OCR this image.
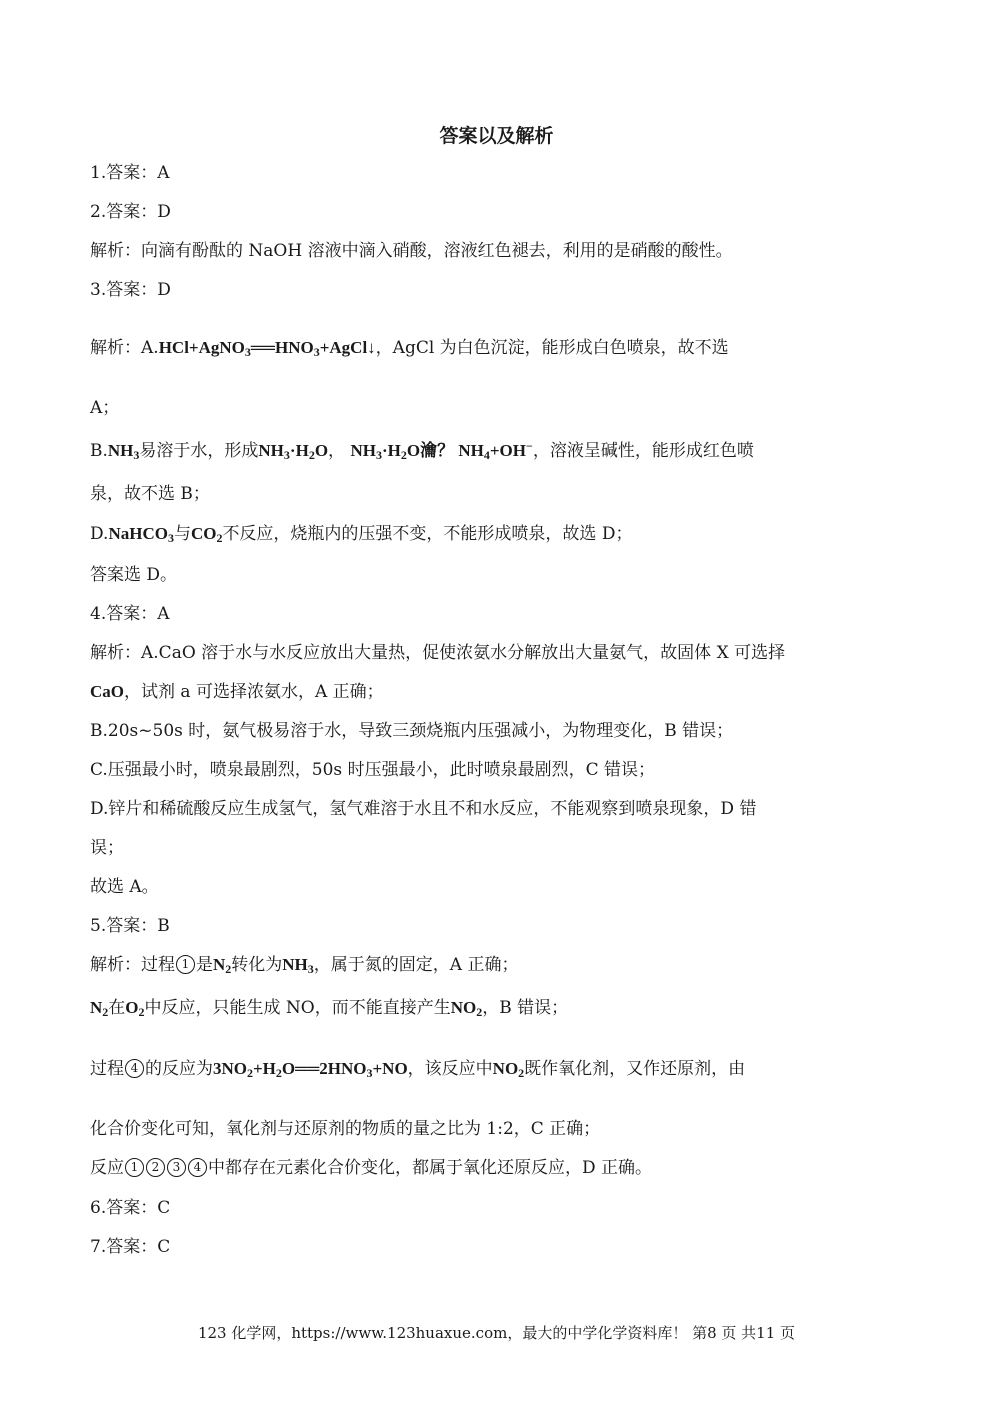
答案以及解析
1.答案：A
2.答案：D
解析：向滴有酚酞的 NaOH 溶液中滴入硝酸，溶液红色褪去，利用的是硝酸的酸性。
3.答案：D
解析：$A.HCl+AgNO_3══HNO_3+AgCl↓$，AgCl 为白色沉淀，能形成白色喷泉，故不选
A；
$B.NH_3$易溶于水，形成$NH_3\cdot H_2O$， $NH_3\cdot H_2O$瀹？ $NH_4+OH^-$，溶液呈碱性，能形成红色喷
泉，故不选 B；
D.NaHCO$_3$与$CO_2$不反应，烧瓶内的压强不变，不能形成喷泉，故选 D；
答案选 D。
4.答案：A
解析：A.CaO 溶于水与水反应放出大量热，促使浓氨水分解放出大量氨气，故固体 X 可选择
CaO，试剂 a 可选择浓氨水，A 正确；
B.20s~50s 时，氨气极易溶于水，导致三颈烧瓶内压强减小，为物理变化，B 错误；
C.压强最小时，喷泉最剧烈，50s 时压强最小，此时喷泉最剧烈，C 错误；
D.锌片和稀硫酸反应生成氢气，氢气难溶于水且不和水反应，不能观察到喷泉现象，D 错
误；
故选 A。
5.答案：B
解析：过程 1 是$N_2$转化为$NH_3$，属于氮的固定，A 正确；
$N_2$在$O_2$中反应，只能生成 NO，而不能直接产生$NO_2$，B 错误；
过程 4 的反应为$3NO_2+H_2O══2HNO_3+NO$，该反应中$NO_2$既作氧化剂，又作还原剂，由
化合价变化可知，氧化剂与还原剂的物质的量之比为 1:2，C 正确；
反应 1 2 3 4 中都存在元素化合价变化，都属于氧化还原反应，D 正确。
6.答案：C
7.答案：C
123 化学网，https://www.123huaxue.com，最大的中学化学资料库！ 第8 页 共11 页
